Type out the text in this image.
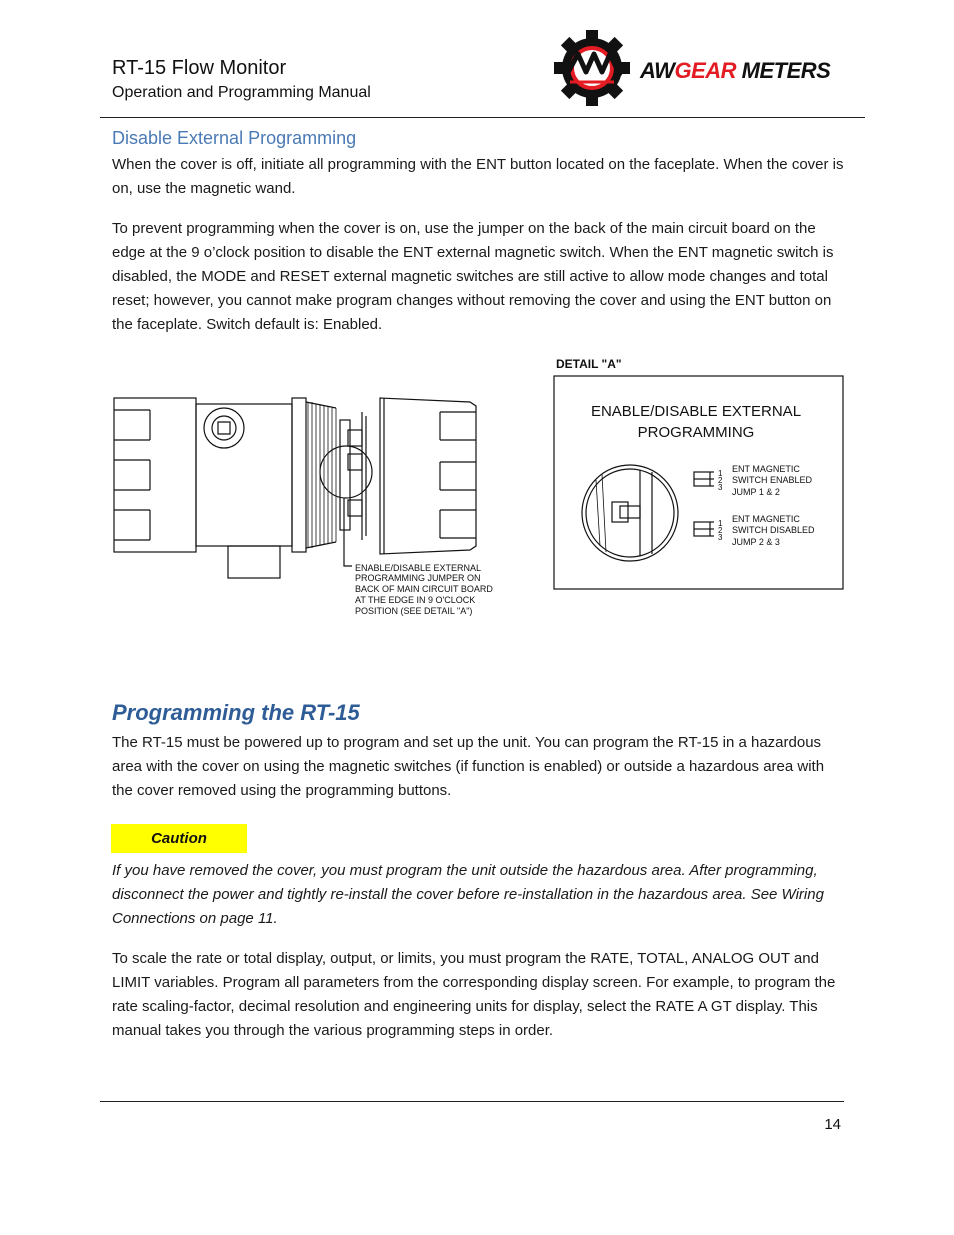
RT-15 Flow Monitor
Operation and Programming Manual
AWGEAR METERS
Disable External Programming
When the cover is off, initiate all programming with the ENT button located on the faceplate. When the cover is on, use the magnetic wand.
To prevent programming when the cover is on, use the jumper on the back of the main circuit board on the edge at the 9 o’clock position to disable the ENT external magnetic switch. When the ENT magnetic switch is disabled, the MODE and RESET external magnetic switches are still active to allow mode changes and total reset; however, you cannot make program changes without removing the cover and using the ENT button on the faceplate. Switch default is: Enabled.
ENABLE/DISABLE EXTERNAL
PROGRAMMING JUMPER ON
BACK OF MAIN CIRCUIT BOARD
AT THE EDGE IN 9 O'CLOCK
POSITION (SEE DETAIL "A")
DETAIL "A"
ENABLE/DISABLE EXTERNAL
PROGRAMMING
1
2
3
1
2
3
ENT MAGNETIC
SWITCH ENABLED
JUMP 1 & 2
ENT MAGNETIC
SWITCH DISABLED
JUMP 2 & 3
Programming the RT-15
The RT-15 must be powered up to program and set up the unit. You can program the RT-15 in a hazardous area with the cover on using the magnetic switches (if function is enabled) or outside a hazardous area with the cover removed using the programming buttons.
Caution
If you have removed the cover, you must program the unit outside the hazardous area. After programming, disconnect the power and tightly re-install the cover before re-installation in the hazardous area. See Wiring Connections on page 11.
To scale the rate or total display, output, or limits, you must program the RATE, TOTAL, ANALOG OUT and LIMIT variables. Program all parameters from the corresponding display screen. For example, to program the rate scaling-factor, decimal resolution and engineering units for display, select the RATE A GT display. This manual takes you through the various programming steps in order.
14
